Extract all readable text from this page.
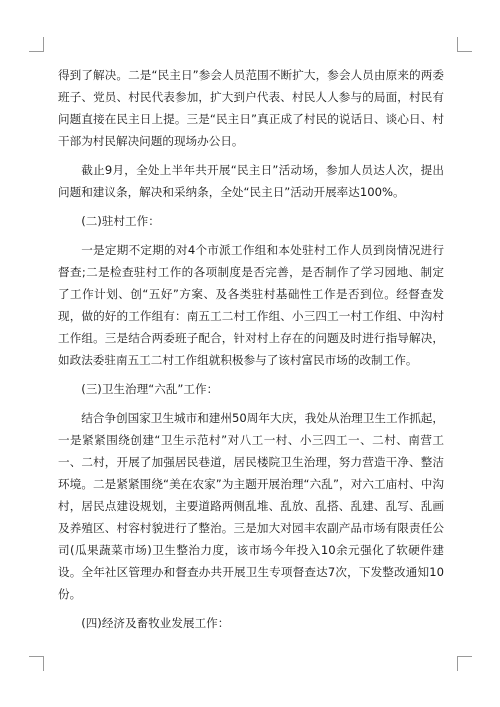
得到了解决。二是“民主日”参会人员范围不断扩大，参会人员由原来的两委班子、党员、村民代表参加，扩大到户代表、村民人人参与的局面，村民有问题直接在民主日上提。三是“民主日”真正成了村民的说话日、谈心日、村干部为村民解决问题的现场办公日。

截止9月，全处上半年共开展“民主日”活动场，参加人员达人次，提出问题和建议条，解决和采纳条，全处“民主日”活动开展率达100%。

(二)驻村工作：

一是定期不定期的对4个市派工作组和本处驻村工作人员到岗情况进行督查;二是检查驻村工作的各项制度是否完善，是否制作了学习园地、制定了工作计划、创“五好”方案、及各类驻村基础性工作是否到位。经督查发现，做的好的工作组有：南五工二村工作组、小三四工一村工作组、中沟村工作组。三是结合两委班子配合，针对村上存在的问题及时进行指导解决，如政法委驻南五工二村工作组就积极参与了该村富民市场的改制工作。

(三)卫生治理“六乱”工作：

结合争创国家卫生城市和建州50周年大庆，我处从治理卫生工作抓起，一是紧紧围绕创建“卫生示范村”对八工一村、小三四工一、二村、南营工一、二村，开展了加强居民巷道，居民楼院卫生治理，努力营造干净、整洁环境。二是紧紧围绕“美在农家”为主题开展治理“六乱”，对六工庙村、中沟村，居民点建设规划，主要道路两侧乱堆、乱放、乱搭、乱建、乱写、乱画及养殖区、村容村貌进行了整治。三是加大对园丰农副产品市场有限责任公司(瓜果蔬菜市场)卫生整治力度，该市场今年投入10余元强化了软硬件建设。全年社区管理办和督查办共开展卫生专项督查达7次，下发整改通知10份。

(四)经济及畜牧业发展工作：
